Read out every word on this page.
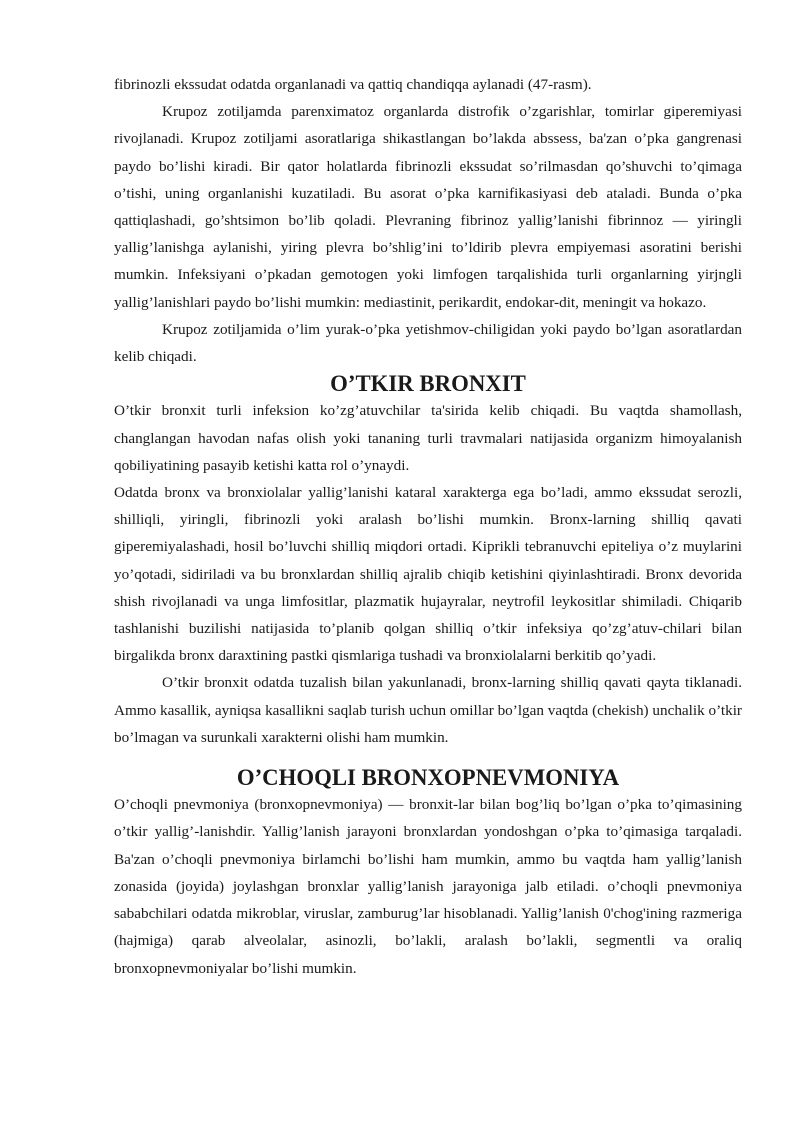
fibrinozli ekssudat odatda organlanadi va qattiq chandiqqa aylanadi (47-rasm).

Krupoz zotiljamda parenximatoz organlarda distrofik o’zgarishlar, tomirlar giperemiyasi rivojlanadi. Krupoz zotiljami asoratlariga shikastlangan bo’lakda abssess, ba'zan o’pka gangrenasi paydo bo’lishi kiradi. Bir qator holatlarda fibrinozli ekssudat so’rilmasdan qo’shuvchi to’qimaga o’tishi, uning organlanishi kuzatiladi. Bu asorat o’pka karnifikasiyasi deb ataladi. Bunda o’pka qattiqlashadi, go’shtsimon bo’lib qoladi. Plevraning fibrinoz yallig’lanishi fibrinnoz — yiringli yallig’lanishga aylanishi, yiring plevra bo’shlig’ini to’ldirib plevra empiyemasi asoratini berishi mumkin. Infeksiyani o’pkadan gemotogen yoki limfogen tarqalishida turli organlarning yirjngli yallig’lanishlari paydo bo’lishi mumkin: mediastinit, perikardit, endokar-dit, meningit va hokazo.

Krupoz zotiljamida o’lim yurak-o’pka yetishmov-chiligidan yoki paydo bo’lgan asoratlardan kelib chiqadi.

O’TKIR BRONXIT

O’tkir bronxit turli infeksion ko’zg’atuvchilar ta'sirida kelib chiqadi. Bu vaqtda shamollash, changlangan havodan nafas olish yoki tananing turli travmalari natijasida organizm himoyalanish qobiliyatining pasayib ketishi katta rol o’ynaydi.

Odatda bronx va bronxiolalar yallig’lanishi kataral xarakterga ega bo’ladi, ammo ekssudat serozli, shilliqli, yiringli, fibrinozli yoki aralash bo’lishi mumkin. Bronx-larning shilliq qavati giperemiyalashadi, hosil bo’luvchi shilliq miqdori ortadi. Kiprikli tebranuvchi epiteliya o’z muylarini yo’qotadi, sidiriladi va bu bronxlardan shilliq ajralib chiqib ketishini qiyinlashtiradi. Bronx devorida shish rivojlanadi va unga limfositlar, plazmatik hujayralar, neytrofil leykositlar shimiladi. Chiqarib tashlanishi buzilishi natijasida to’planib qolgan shilliq o’tkir infeksiya qo’zg’atuv-chilari bilan birgalikda bronx daraxtining pastki qismlariga tushadi va bronxiolalarni berkitib qo’yadi.

O’tkir bronxit odatda tuzalish bilan yakunlanadi, bronx-larning shilliq qavati qayta tiklanadi. Ammo kasallik, ayniqsa kasallikni saqlab turish uchun omillar bo’lgan vaqtda (chekish) unchalik o’tkir bo’lmagan va surunkali xarakterni olishi ham mumkin.

O’CHOQLI BRONXOPNEVMONIYA

O’choqli pnevmoniya (bronxopnevmoniya) — bronxit-lar bilan bog’liq bo’lgan o’pka to’qimasining o’tkir yallig’-lanishdir. Yallig’lanish jarayoni bronxlardan yondoshgan o’pka to’qimasiga tarqaladi. Ba'zan o’choqli pnevmoniya birlamchi bo’lishi ham mumkin, ammo bu vaqtda ham yallig’lanish zonasida (joyida) joylashgan bronxlar yallig’lanish jarayoniga jalb etiladi. o’choqli pnevmoniya sababchilari odatda mikroblar, viruslar, zamburug’lar hisoblanadi. Yallig’lanish 0'chog'ining razmeriga (hajmiga) qarab alveolalar, asinozli, bo’lakli, aralash bo’lakli, segmentli va oraliq bronxopnevmoniyalar bo’lishi mumkin.
